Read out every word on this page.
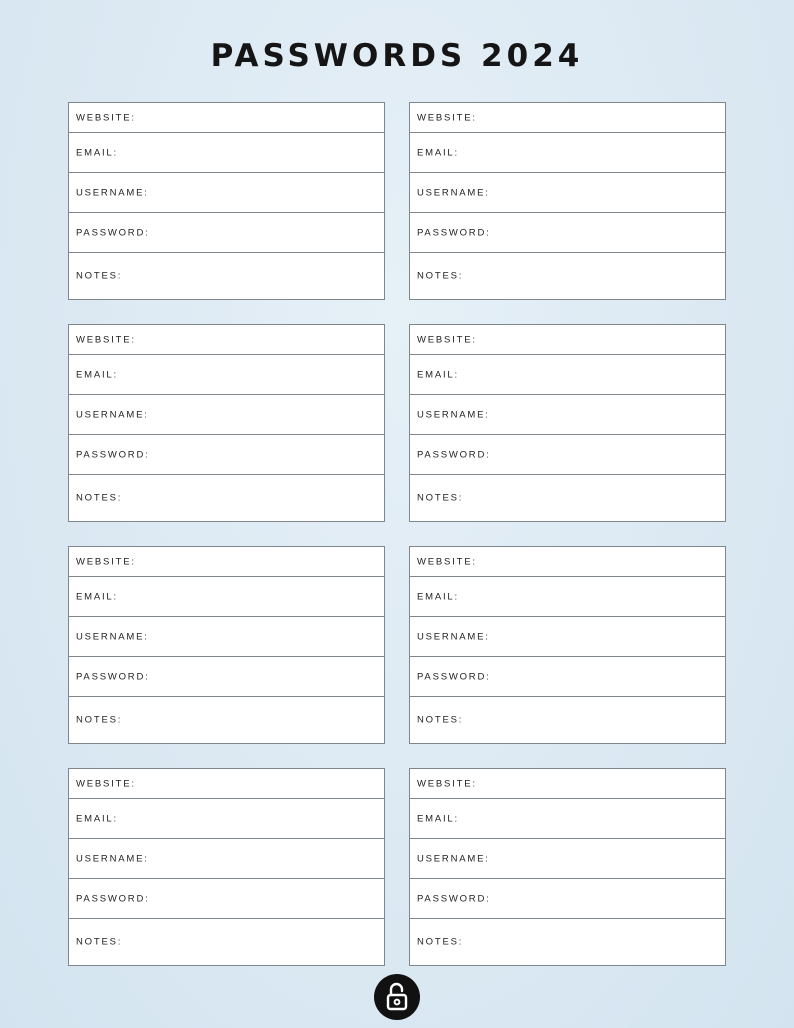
PASSWORDS 2024
WEBSITE:
EMAIL:
USERNAME:
PASSWORD:
NOTES:
WEBSITE:
EMAIL:
USERNAME:
PASSWORD:
NOTES:
WEBSITE:
EMAIL:
USERNAME:
PASSWORD:
NOTES:
WEBSITE:
EMAIL:
USERNAME:
PASSWORD:
NOTES:
WEBSITE:
EMAIL:
USERNAME:
PASSWORD:
NOTES:
WEBSITE:
EMAIL:
USERNAME:
PASSWORD:
NOTES:
WEBSITE:
EMAIL:
USERNAME:
PASSWORD:
NOTES:
WEBSITE:
EMAIL:
USERNAME:
PASSWORD:
NOTES:
